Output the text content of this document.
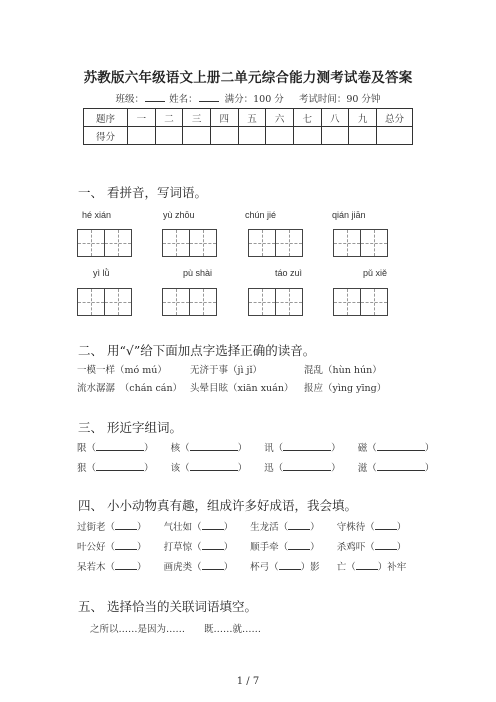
苏教版六年级语文上册二单元综合能力测考试卷及答案
班级：	姓名：	满分：100 分 考试时间：90 分钟
题序	一	二	三	四	五	六	七	八	九	总分
得分										
一、 看拼音，写词语。
hé xián	yù zhōu	chún jié	qián jiān
yì lǜ	pù shài	táo zuì	pǔ xiě
二、 用“√”给下面加点字选择正确的读音。
一模一样（mó mú） 无济于事（jì jǐ）	混乱（hùn hún）
流水潺潺　（chán cán） 头晕目眩（xiān xuán） 报应（yìng yīng）
三、 形近字组词。
限（	） 核（	） 讯（	） 磁（	）
狠（	） 该（	） 迅（	） 滋（	）
四、 小小动物真有趣，组成许多好成语，我会填。
过街老（ ） 气壮如（ ） 生龙活（ ） 守株待（ ）
叶公好（ ） 打草惊（ ） 顺手牵（ ） 杀鸡吓（ ）
呆若木（ ） 画虎类（ ） 杯弓（ ）影 亡（ ）补牢
五、 选择恰当的关联词语填空。
之所以……是因为……　　既……就……
1 / 7
